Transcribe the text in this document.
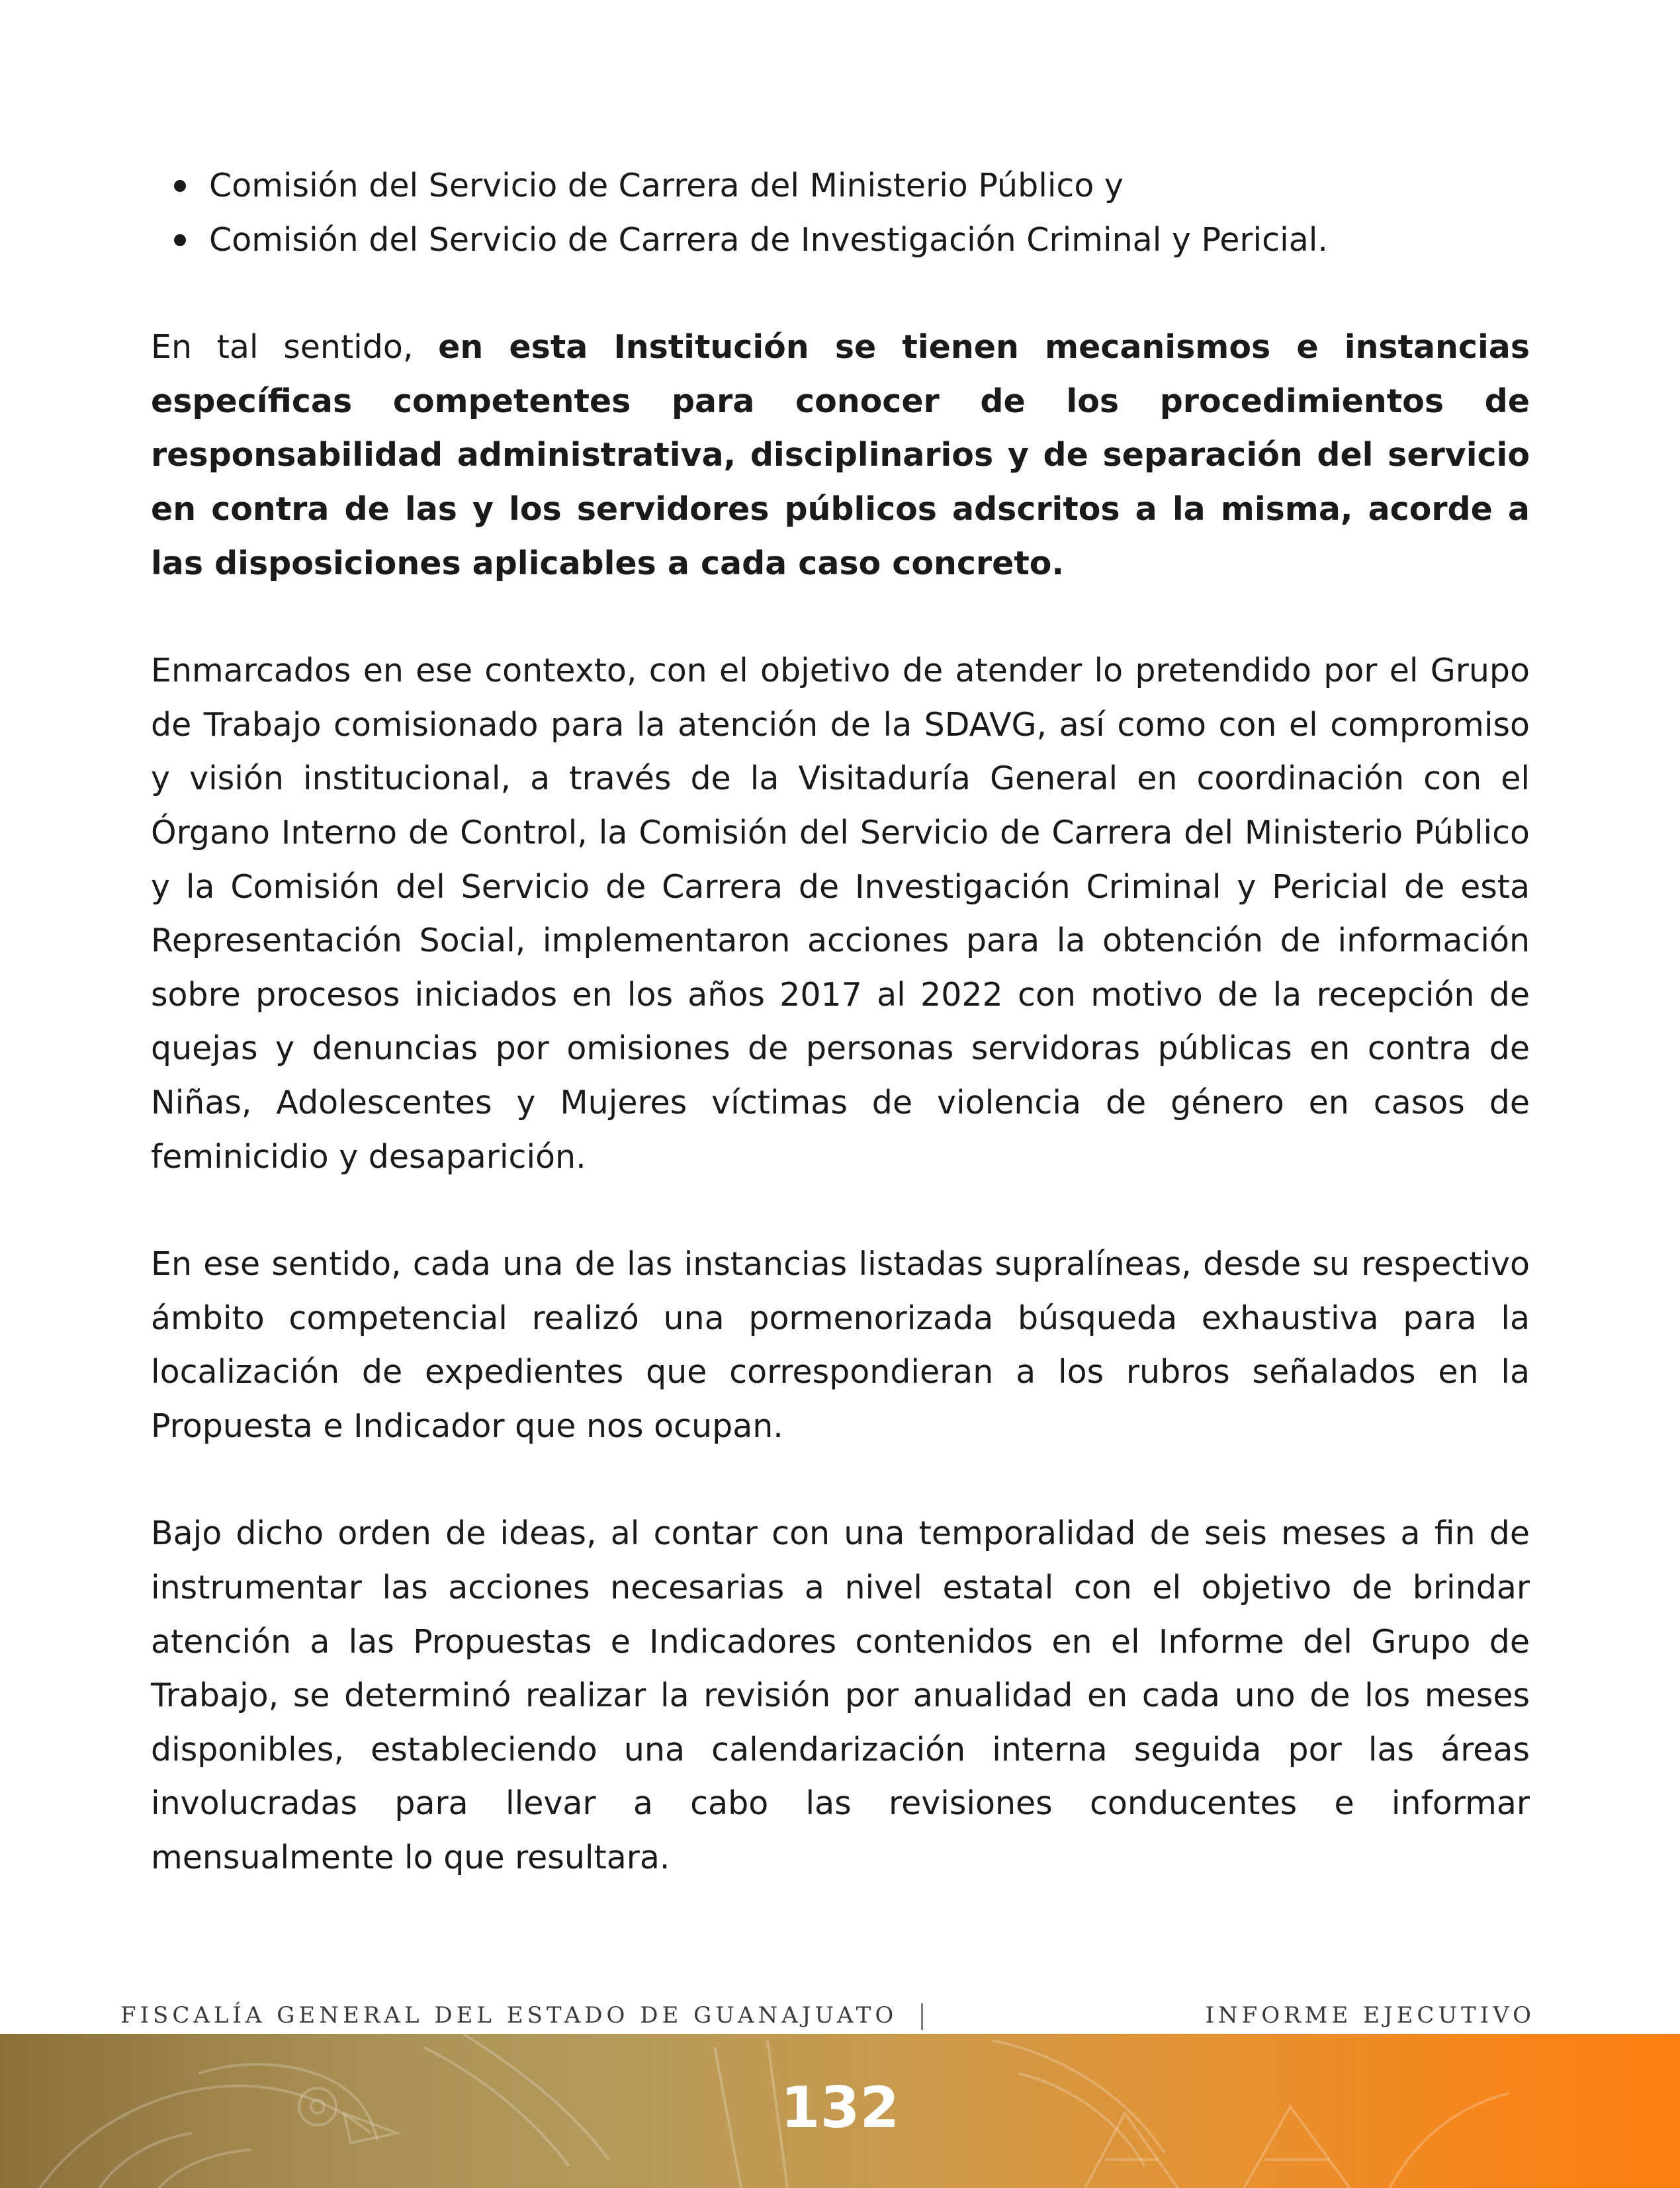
Comisión del Servicio de Carrera del Ministerio Público y
Comisión del Servicio de Carrera de Investigación Criminal y Pericial.

En tal sentido, en esta Institución se tienen mecanismos e instancias específicas competentes para conocer de los procedimientos de responsabilidad administrativa, disciplinarios y de separación del servicio en contra de las y los servidores públicos adscritos a la misma, acorde a las disposiciones aplicables a cada caso concreto.

Enmarcados en ese contexto, con el objetivo de atender lo pretendido por el Grupo de Trabajo comisionado para la atención de la SDAVG, así como con el compromiso y visión institucional, a través de la Visitaduría General en coordinación con el Órgano Interno de Control, la Comisión del Servicio de Carrera del Ministerio Público y la Comisión del Servicio de Carrera de Investigación Criminal y Pericial de esta Representación Social, implementaron acciones para la obtención de información sobre procesos iniciados en los años 2017 al 2022 con motivo de la recepción de quejas y denuncias por omisiones de personas servidoras públicas en contra de Niñas, Adolescentes y Mujeres víctimas de violencia de género en casos de feminicidio y desaparición.

En ese sentido, cada una de las instancias listadas supralíneas, desde su respectivo ámbito competencial realizó una pormenorizada búsqueda exhaustiva para la localización de expedientes que correspondieran a los rubros señalados en la Propuesta e Indicador que nos ocupan.

Bajo dicho orden de ideas, al contar con una temporalidad de seis meses a fin de instrumentar las acciones necesarias a nivel estatal con el objetivo de brindar atención a las Propuestas e Indicadores contenidos en el Informe del Grupo de Trabajo, se determinó realizar la revisión por anualidad en cada uno de los meses disponibles, estableciendo una calendarización interna seguida por las áreas involucradas para llevar a cabo las revisiones conducentes e informar mensualmente lo que resultara.

FISCALÍA GENERAL DEL ESTADO DE GUANAJUATO	INFORME EJECUTIVO
132
